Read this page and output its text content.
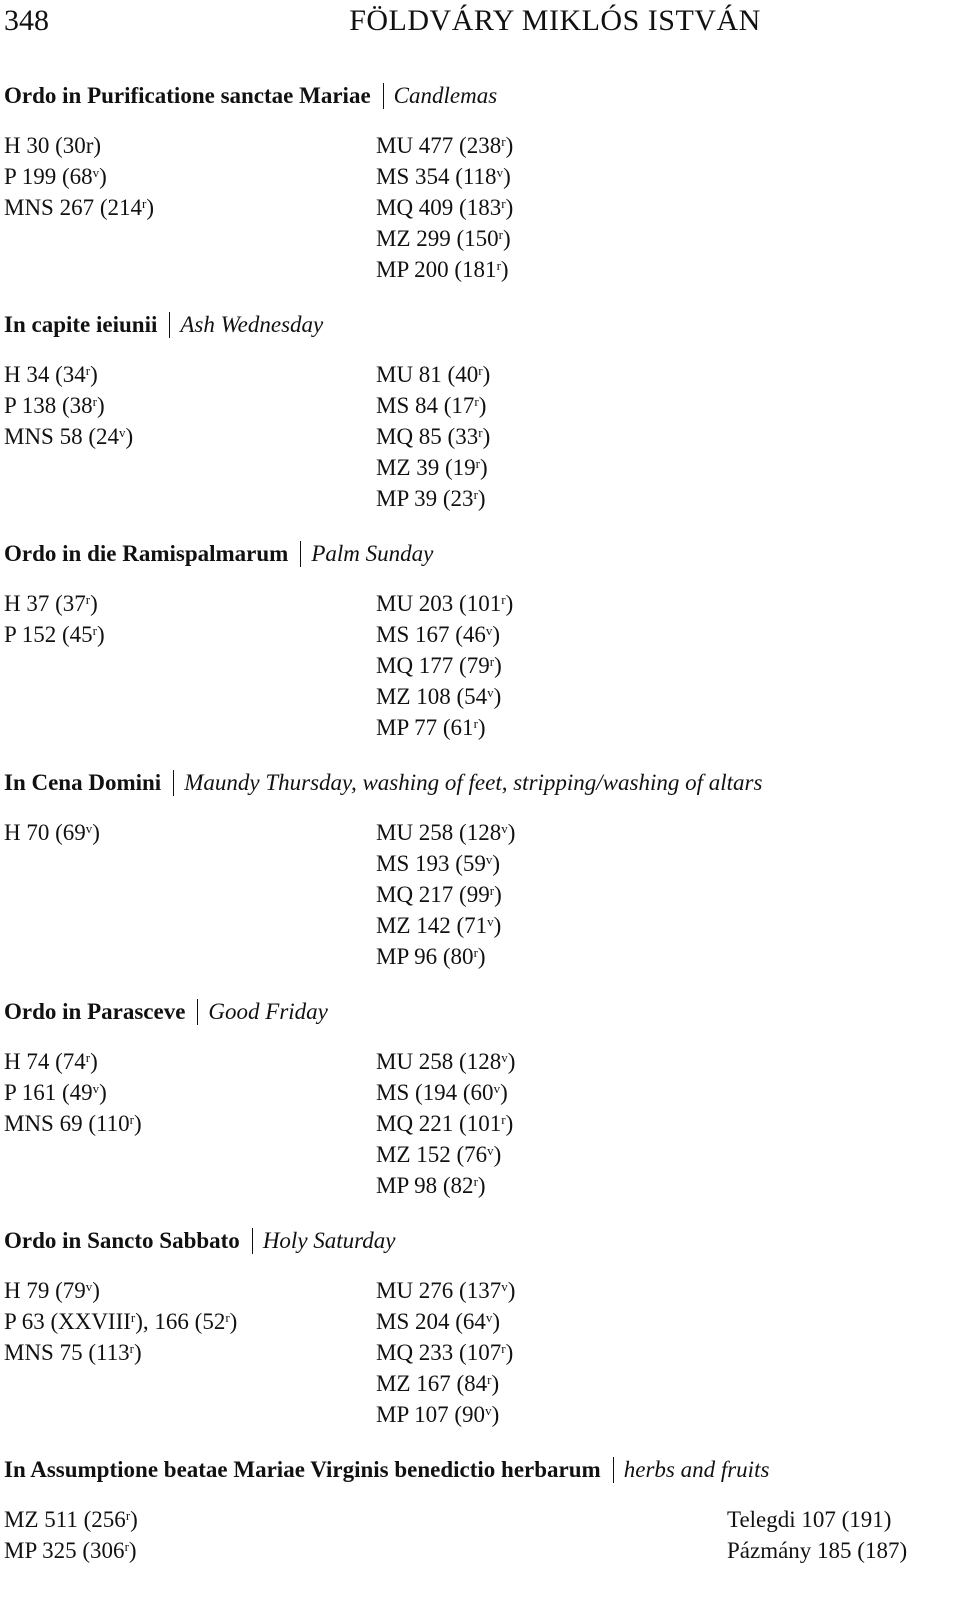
348	FÖLDVÁRY MIKLÓS ISTVÁN
Ordo in Purificatione sanctae Mariae Candlemas
H 30 (30r)
P 199 (68$^v$)
MNS 267 (214$^r$)
MU 477 (238$^r$)
MS 354 (118$^v$)
MQ 409 (183$^r$)
MZ 299 (150$^r$)
MP 200 (181$^r$)
In capite ieiunii Ash Wednesday
H 34 (34$^r$)
P 138 (38$^r$)
MNS 58 (24$^v$)
MU 81 (40$^r$)
MS 84 (17$^r$)
MQ 85 (33$^r$)
MZ 39 (19$^r$)
MP 39 (23$^r$)
Ordo in die Ramispalmarum Palm Sunday
H 37 (37$^r$)
P 152 (45$^r$)
MU 203 (101$^r$)
MS 167 (46$^v$)
MQ 177 (79$^r$)
MZ 108 (54$^v$)
MP 77 (61$^r$)
In Cena Domini Maundy Thursday, washing of feet, stripping/washing of altars
H 70 (69$^v$)	MU 258 (128$^v$)
MS 193 (59$^v$)
MQ 217 (99$^r$)
MZ 142 (71$^v$)
MP 96 (80$^r$)
Ordo in Parasceve Good Friday
H 74 (74$^r$)
P 161 (49$^v$)
MNS 69 (110$^r$)
MU 258 (128$^v$)
MS (194 (60$^v$)
MQ 221 (101$^r$)
MZ 152 (76$^v$)
MP 98 (82$^r$)
Ordo in Sancto Sabbato Holy Saturday
H 79 (79$^v$)
P 63 (XXVIII$^r$), 166 (52$^r$)
MNS 75 (113$^r$)
MU 276 (137$^v$)
MS 204 (64$^v$)
MQ 233 (107$^r$)
MZ 167 (84$^r$)
MP 107 (90$^v$)
In Assumptione beatae Mariae Virginis benedictio herbarum herbs and fruits
MZ 511 (256$^r$)
MP 325 (306$^r$)
Telegdi 107 (191)
Pázmány 185 (187)
